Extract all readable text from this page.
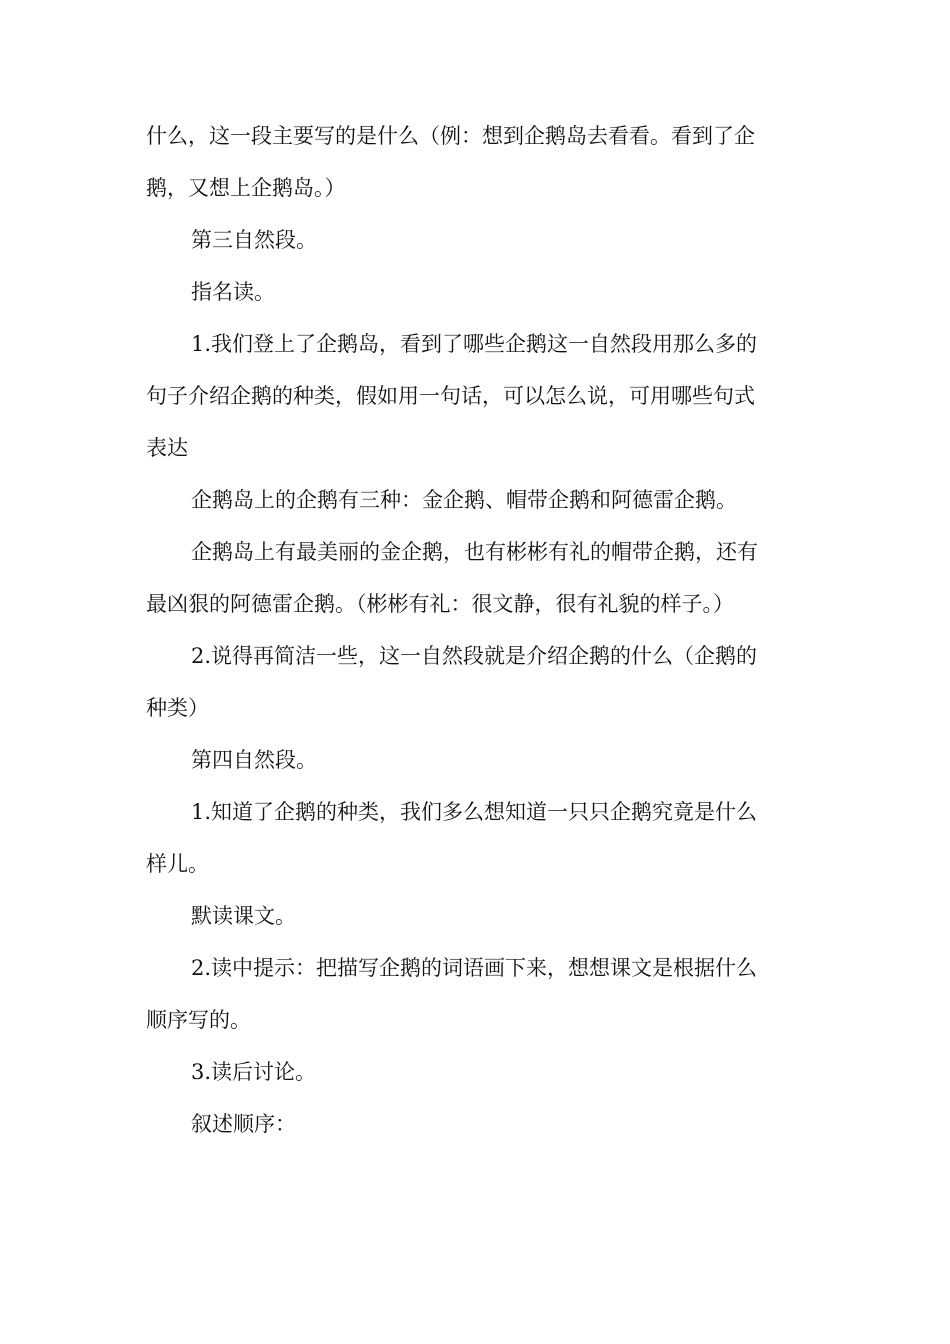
什么，这一段主要写的是什么（例：想到企鹅岛去看看。看到了企
鹅，又想上企鹅岛。）
第三自然段。
指名读。
1.我们登上了企鹅岛，看到了哪些企鹅这一自然段用那么多的
句子介绍企鹅的种类，假如用一句话，可以怎么说，可用哪些句式
表达
企鹅岛上的企鹅有三种：金企鹅、帽带企鹅和阿德雷企鹅。
企鹅岛上有最美丽的金企鹅，也有彬彬有礼的帽带企鹅，还有
最凶狠的阿德雷企鹅。（彬彬有礼：很文静，很有礼貌的样子。）
2.说得再简洁一些，这一自然段就是介绍企鹅的什么（企鹅的
种类）
第四自然段。
1.知道了企鹅的种类，我们多么想知道一只只企鹅究竟是什么
样儿。
默读课文。
2.读中提示：把描写企鹅的词语画下来，想想课文是根据什么
顺序写的。
3.读后讨论。
叙述顺序：
